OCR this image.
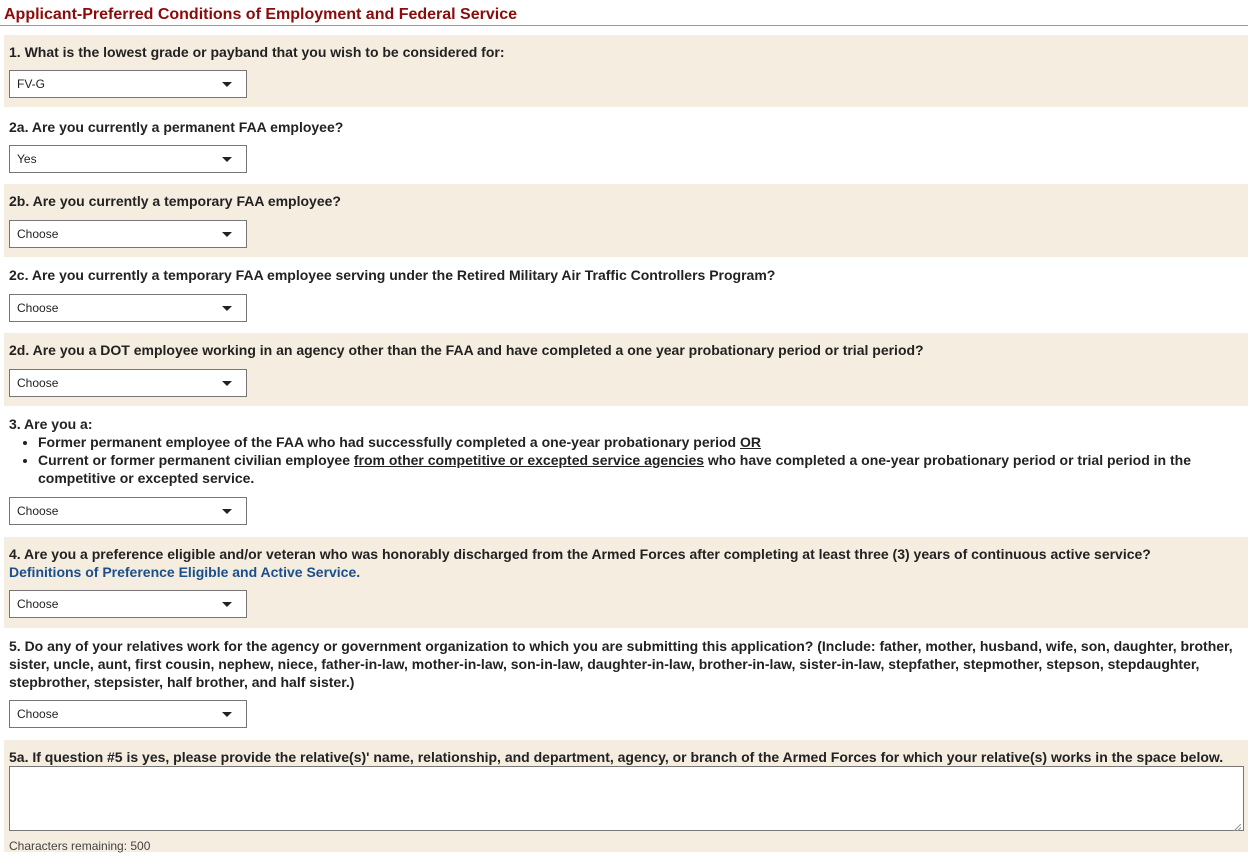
Applicant-Preferred Conditions of Employment and Federal Service
1. What is the lowest grade or payband that you wish to be considered for:
FV-G
2a. Are you currently a permanent FAA employee?
Yes
2b. Are you currently a temporary FAA employee?
Choose
2c. Are you currently a temporary FAA employee serving under the Retired Military Air Traffic Controllers Program?
Choose
2d. Are you a DOT employee working in an agency other than the FAA and have completed a one year probationary period or trial period?
Choose
3. Are you a:
Former permanent employee of the FAA who had successfully completed a one-year probationary period OR
Current or former permanent civilian employee from other competitive or excepted service agencies who have completed a one-year probationary period or trial period in the competitive or excepted service.
Choose
4. Are you a preference eligible and/or veteran who was honorably discharged from the Armed Forces after completing at least three (3) years of continuous active service?
Definitions of Preference Eligible and Active Service.
Choose
5. Do any of your relatives work for the agency or government organization to which you are submitting this application? (Include: father, mother, husband, wife, son, daughter, brother, sister, uncle, aunt, first cousin, nephew, niece, father-in-law, mother-in-law, son-in-law, daughter-in-law, brother-in-law, sister-in-law, stepfather, stepmother, stepson, stepdaughter, stepbrother, stepsister, half brother, and half sister.)
Choose
5a. If question #5 is yes, please provide the relative(s)' name, relationship, and department, agency, or branch of the Armed Forces for which your relative(s) works in the space below.
Characters remaining: 500
